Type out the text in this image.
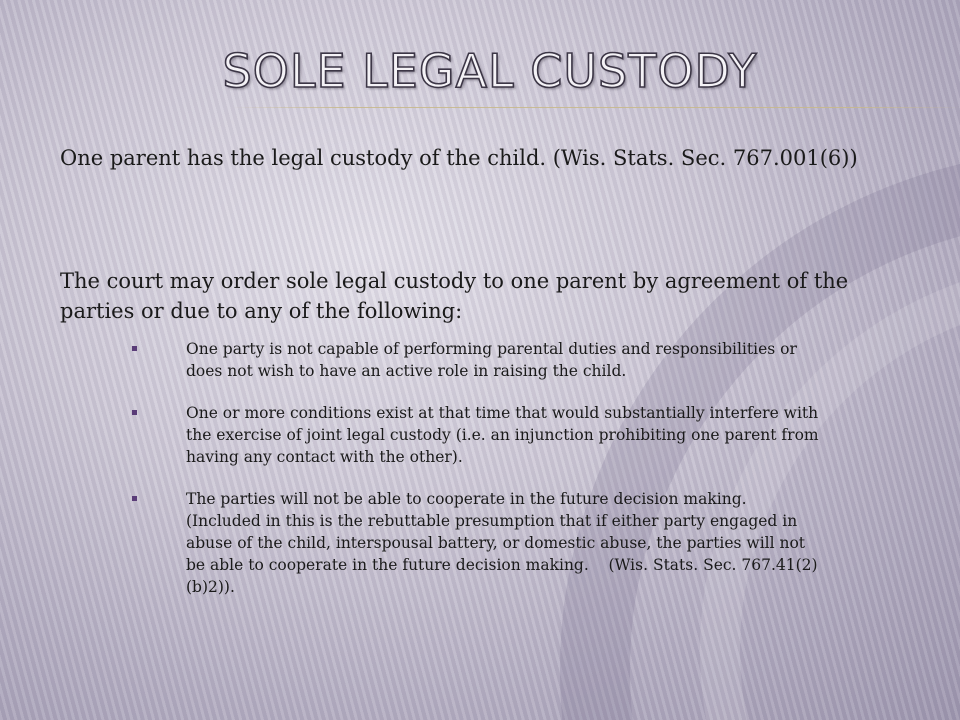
SOLE LEGAL CUSTODY
One parent has the legal custody of the child. (Wis. Stats. Sec. 767.001(6))
The court may order sole legal custody to one parent by agreement of the parties or due to any of the following:
One party is not capable of performing parental duties and responsibilities or does not wish to have an active role in raising the child.
One or more conditions exist at that time that would substantially interfere with the exercise of joint legal custody (i.e. an injunction prohibiting one parent from having any contact with the other).
The parties will not be able to cooperate in the future decision making. (Included in this is the rebuttable presumption that if either party engaged in abuse of the child, interspousal battery, or domestic abuse, the parties will not be able to cooperate in the future decision making.    (Wis. Stats. Sec. 767.41(2)(b)2)).
